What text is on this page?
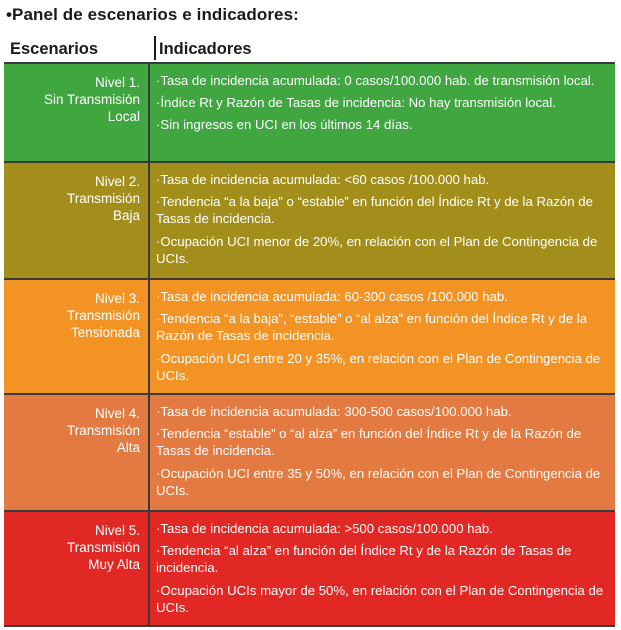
•Panel de escenarios e indicadores:
Escenarios	Indicadores
Nivel 1.
Sin Transmisión
Local
·Tasa de incidencia acumulada: 0 casos/100.000 hab. de transmisión local.
·Índice Rt y Razón de Tasas de incidencia: No hay transmisión local.
·Sin ingresos en UCI en los últimos 14 días.
Nivel 2.
Transmisión
Baja
·Tasa de incidencia acumulada: <60 casos /100.000 hab.
·Tendencia “a la baja” o “estable” en función del Índice Rt y de la Razón de Tasas de incidencia.
·Ocupación UCI menor de 20%, en relación con el Plan de Contingencia de UCIs.
Nivel 3.
Transmisión
Tensionada
·Tasa de incidencia acumulada: 60-300 casos /100.000 hab.
·Tendencia “a la baja”, “estable” o “al alza” en función del Índice Rt y de la Razón de Tasas de incidencia.
·Ocupación UCI entre 20 y 35%, en relación con el Plan de Contingencia de UCIs.
Nivel 4.
Transmisión
Alta
·Tasa de incidencia acumulada: 300-500 casos/100.000 hab.
·Tendencia “estable” o “al alza” en función del Índice Rt y de la Razón de Tasas de incidencia.
·Ocupación UCI entre 35 y 50%, en relación con el Plan de Contingencia de UCIs.
Nivel 5.
Transmisión
Muy Alta
·Tasa de incidencia acumulada: >500 casos/100.000 hab.
·Tendencia “al alza” en función del Índice Rt y de la Razón de Tasas de incidencia.
·Ocupación UCIs mayor de 50%, en relación con el Plan de Contingencia de UCIs.
